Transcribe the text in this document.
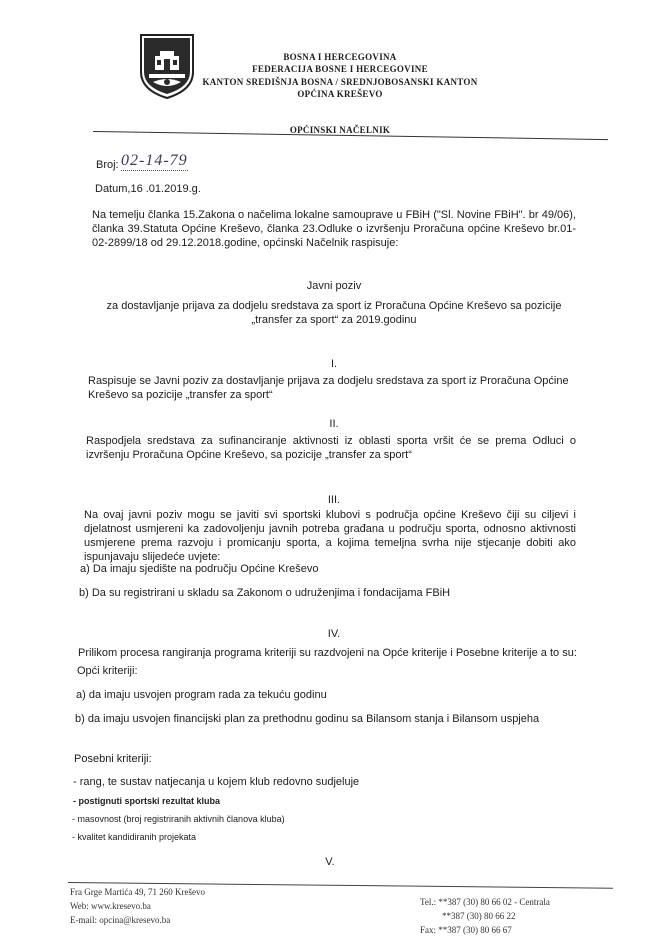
BOSNA I HERCEGOVINA
FEDERACIJA BOSNE I HERCEGOVINE
KANTON SREDIŠNJA BOSNA / SREDNJOBOSANSKI KANTON
OPĆINA KREŠEVO
OPĆINSKI NAČELNIK
Broj: 02-14-79
Datum,16 .01.2019.g.
Na temelju članka 15.Zakona o načelima lokalne samouprave u FBiH ("Sl. Novine FBiH". br 49/06), članka 39.Statuta Općine Kreševo, članka 23.Odluke o izvršenju Proračuna općine Kreševo br.01-02-2899/18 od 29.12.2018.godine, općinski Načelnik raspisuje:
Javni poziv
za dostavljanje prijava za dodjelu sredstava za sport iz Proračuna Općine Kreševo sa pozicije „transfer za sport“ za 2019.godinu
I.
Raspisuje se Javni poziv za dostavljanje prijava za dodjelu sredstava za sport iz Proračuna Općine Kreševo sa pozicije „transfer za sport“
II.
Raspodjela sredstava za sufinanciranje aktivnosti iz oblasti sporta vršit će se prema Odluci o izvršenju Proračuna Općine Kreševo, sa pozicije „transfer za sport“
III.
Na ovaj javni poziv mogu se javiti svi sportski klubovi s područja općine Kreševo čiji su ciljevi i djelatnost usmjereni ka zadovoljenju javnih potreba građana u području sporta, odnosno aktivnosti usmjerene prema razvoju i promicanju sporta, a kojima temeljna svrha nije stjecanje dobiti ako ispunjavaju slijedeće uvjete:
a) Da imaju sjedište na području Općine Kreševo
b) Da su registrirani u skladu sa Zakonom o udruženjima i fondacijama FBiH
IV.
Prilikom procesa rangiranja programa kriteriji su razdvojeni na Opće kriterije i Posebne kriterije a to su:
Opći kriteriji:
a) da imaju usvojen program rada za tekuću godinu
b) da imaju usvojen financijski plan za prethodnu godinu sa Bilansom stanja i Bilansom uspjeha
Posebni kriteriji:
- rang, te sustav natjecanja u kojem klub redovno sudjeluje
- postignuti sportski rezultat kluba
- masovnost (broj registriranih aktivnih članova kluba)
- kvalitet kandidiranih projekata
V.
Fra Grge Martića 49, 71 260 Kreševo
Web: www.kresevo.ba
E-mail: opcina@kresevo.ba
Tel.: **387 (30) 80 66 02 - Centrala
**387 (30) 80 66 22
Fax: **387 (30) 80 66 67
